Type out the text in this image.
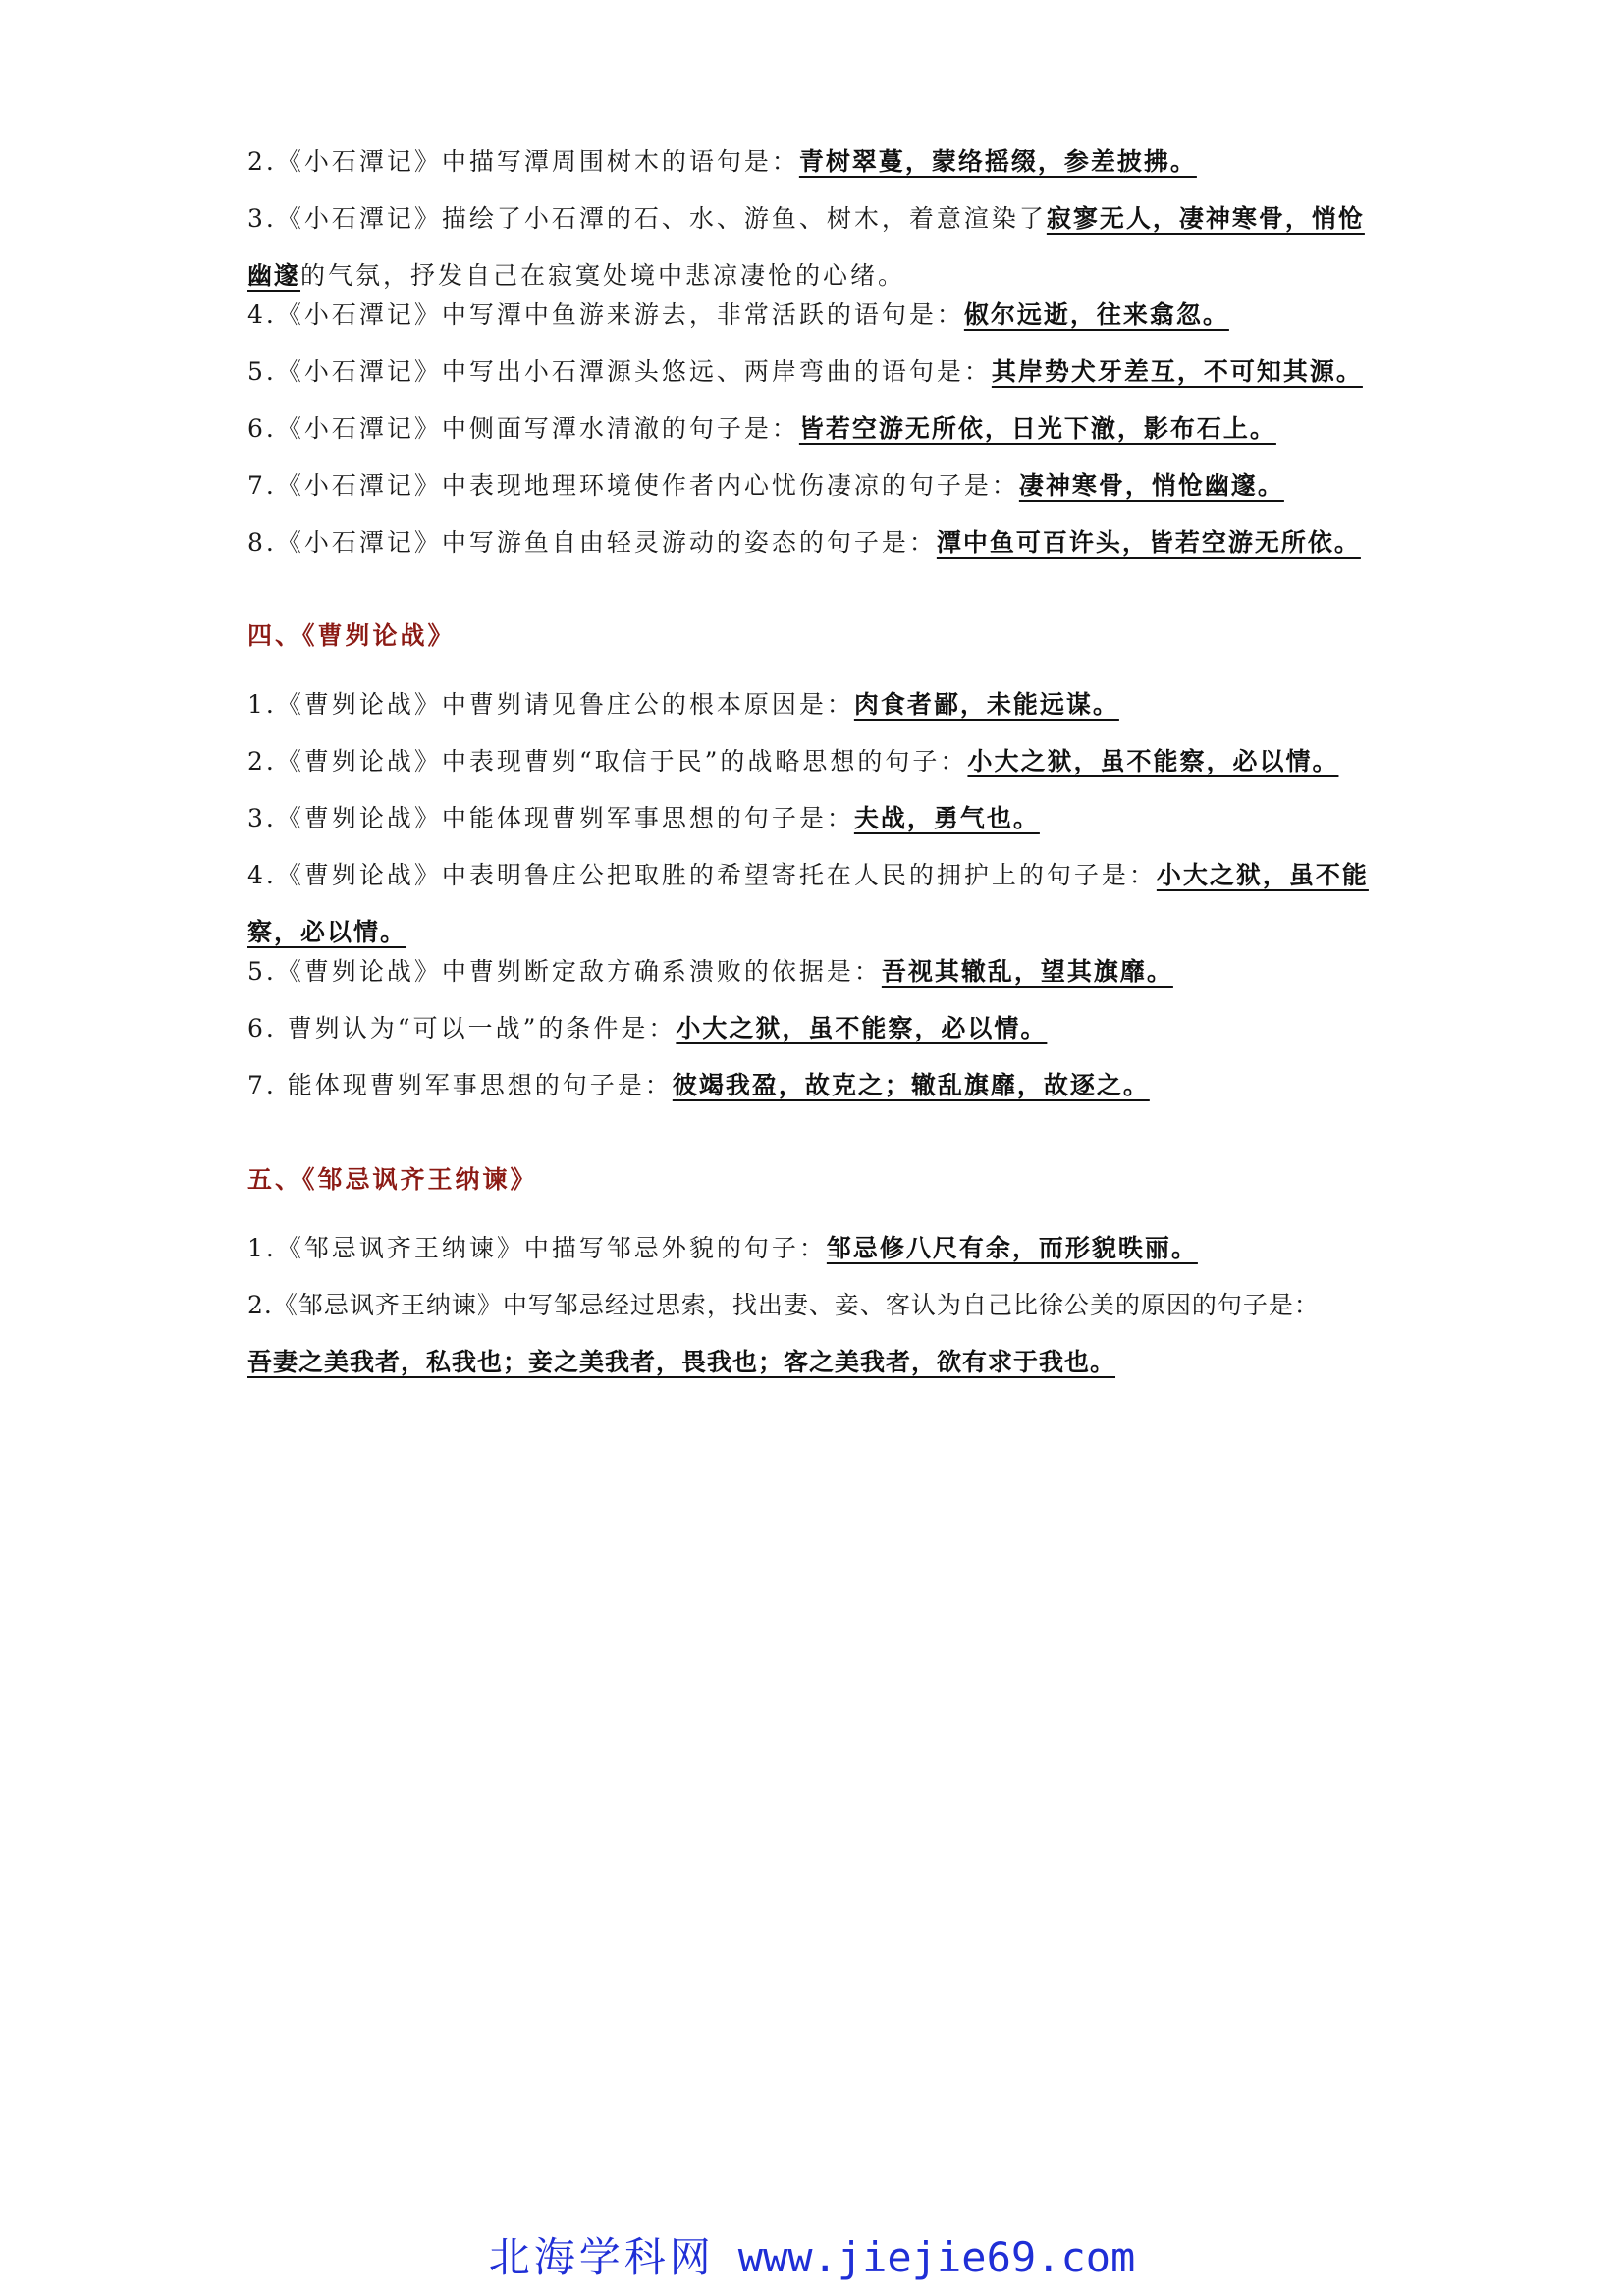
2.《小石潭记》中描写潭周围树木的语句是：青树翠蔓，蒙络摇缀，参差披拂。
3.《小石潭记》描绘了小石潭的石、水、游鱼、树木，着意渲染了寂寥无人，凄神寒骨，悄怆
幽邃的气氛，抒发自己在寂寞处境中悲凉凄怆的心绪。
4.《小石潭记》中写潭中鱼游来游去，非常活跃的语句是：俶尔远逝，往来翕忽。
5.《小石潭记》中写出小石潭源头悠远、两岸弯曲的语句是：其岸势犬牙差互，不可知其源。
6.《小石潭记》中侧面写潭水清澈的句子是：皆若空游无所依，日光下澈，影布石上。
7.《小石潭记》中表现地理环境使作者内心忧伤凄凉的句子是：凄神寒骨，悄怆幽邃。
8.《小石潭记》中写游鱼自由轻灵游动的姿态的句子是：潭中鱼可百许头，皆若空游无所依。
四、《曹刿论战》
1.《曹刿论战》中曹刿请见鲁庄公的根本原因是：肉食者鄙，未能远谋。
2.《曹刿论战》中表现曹刿“取信于民”的战略思想的句子：小大之狱，虽不能察，必以情。
3.《曹刿论战》中能体现曹刿军事思想的句子是：夫战，勇气也。
4.《曹刿论战》中表明鲁庄公把取胜的希望寄托在人民的拥护上的句子是：小大之狱，虽不能
察，必以情。
5.《曹刿论战》中曹刿断定敌方确系溃败的依据是：吾视其辙乱，望其旗靡。
6. 曹刿认为“可以一战”的条件是：小大之狱，虽不能察，必以情。
7. 能体现曹刿军事思想的句子是：彼竭我盈，故克之；辙乱旗靡，故逐之。
五、《邹忌讽齐王纳谏》
1.《邹忌讽齐王纳谏》中描写邹忌外貌的句子：邹忌修八尺有余，而形貌昳丽。
2.《邹忌讽齐王纳谏》中写邹忌经过思索，找出妻、妾、客认为自己比徐公美的原因的句子是：
吾妻之美我者，私我也；妾之美我者，畏我也；客之美我者，欲有求于我也。
北海学科网 www.jiejie69.com
